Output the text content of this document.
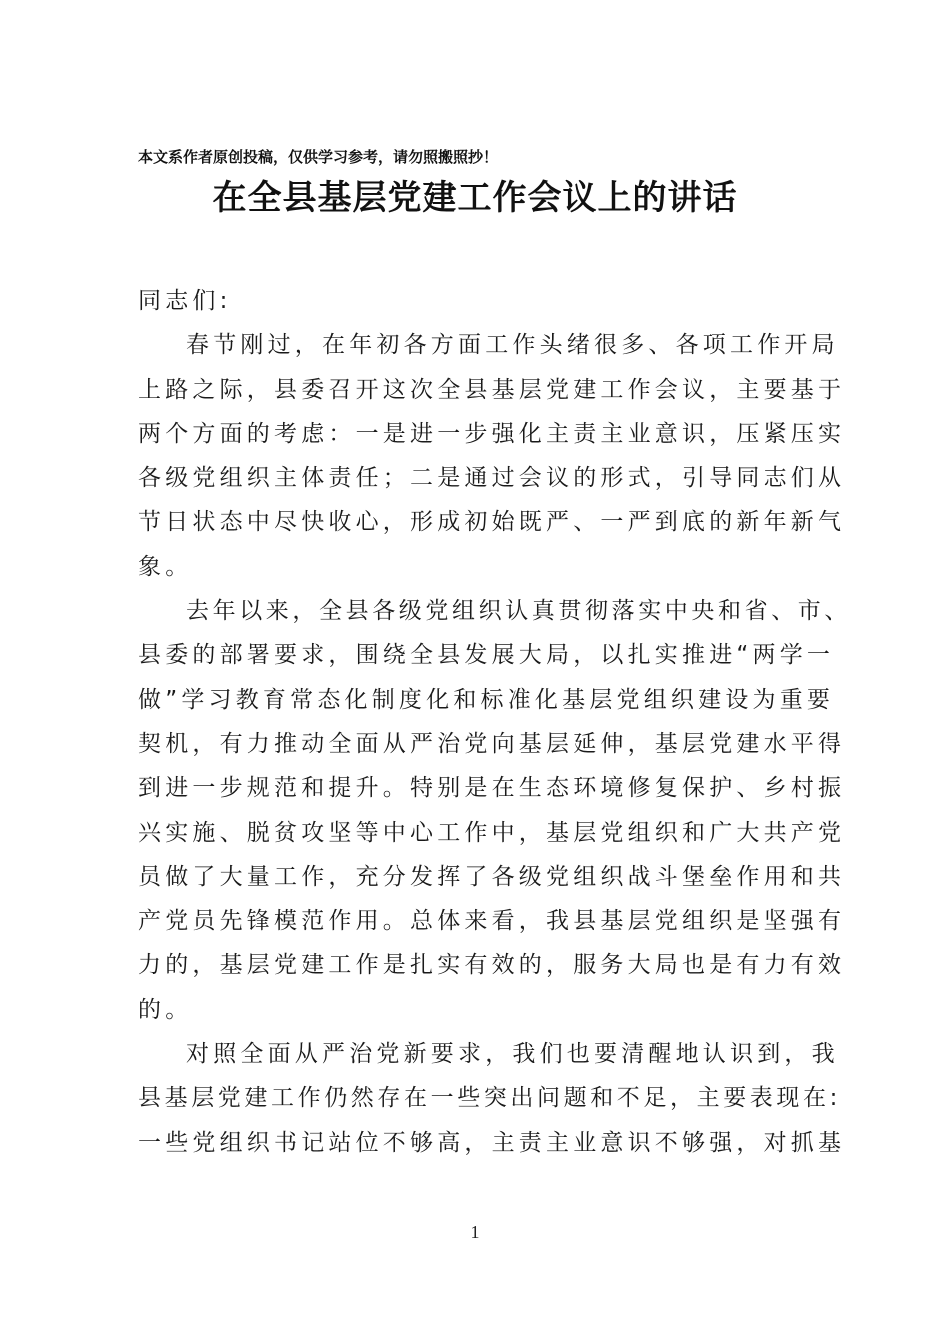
本文系作者原创投稿，仅供学习参考，请勿照搬照抄！
在全县基层党建工作会议上的讲话
同志们:
春节刚过，在年初各方面工作头绪很多、各项工作开局
上路之际，县委召开这次全县基层党建工作会议，主要基于
两个方面的考虑：一是进一步强化主责主业意识，压紧压实
各级党组织主体责任；二是通过会议的形式，引导同志们从
节日状态中尽快收心，形成初始既严、一严到底的新年新气
象。
去年以来，全县各级党组织认真贯彻落实中央和省、市、
县委的部署要求，围绕全县发展大局，以扎实推进“两学一
做”学习教育常态化制度化和标准化基层党组织建设为重要
契机，有力推动全面从严治党向基层延伸，基层党建水平得
到进一步规范和提升。特别是在生态环境修复保护、乡村振
兴实施、脱贫攻坚等中心工作中，基层党组织和广大共产党
员做了大量工作，充分发挥了各级党组织战斗堡垒作用和共
产党员先锋模范作用。总体来看，我县基层党组织是坚强有
力的，基层党建工作是扎实有效的，服务大局也是有力有效
的。
对照全面从严治党新要求，我们也要清醒地认识到，我
县基层党建工作仍然存在一些突出问题和不足，主要表现在:
一些党组织书记站位不够高，主责主业意识不够强，对抓基
1
